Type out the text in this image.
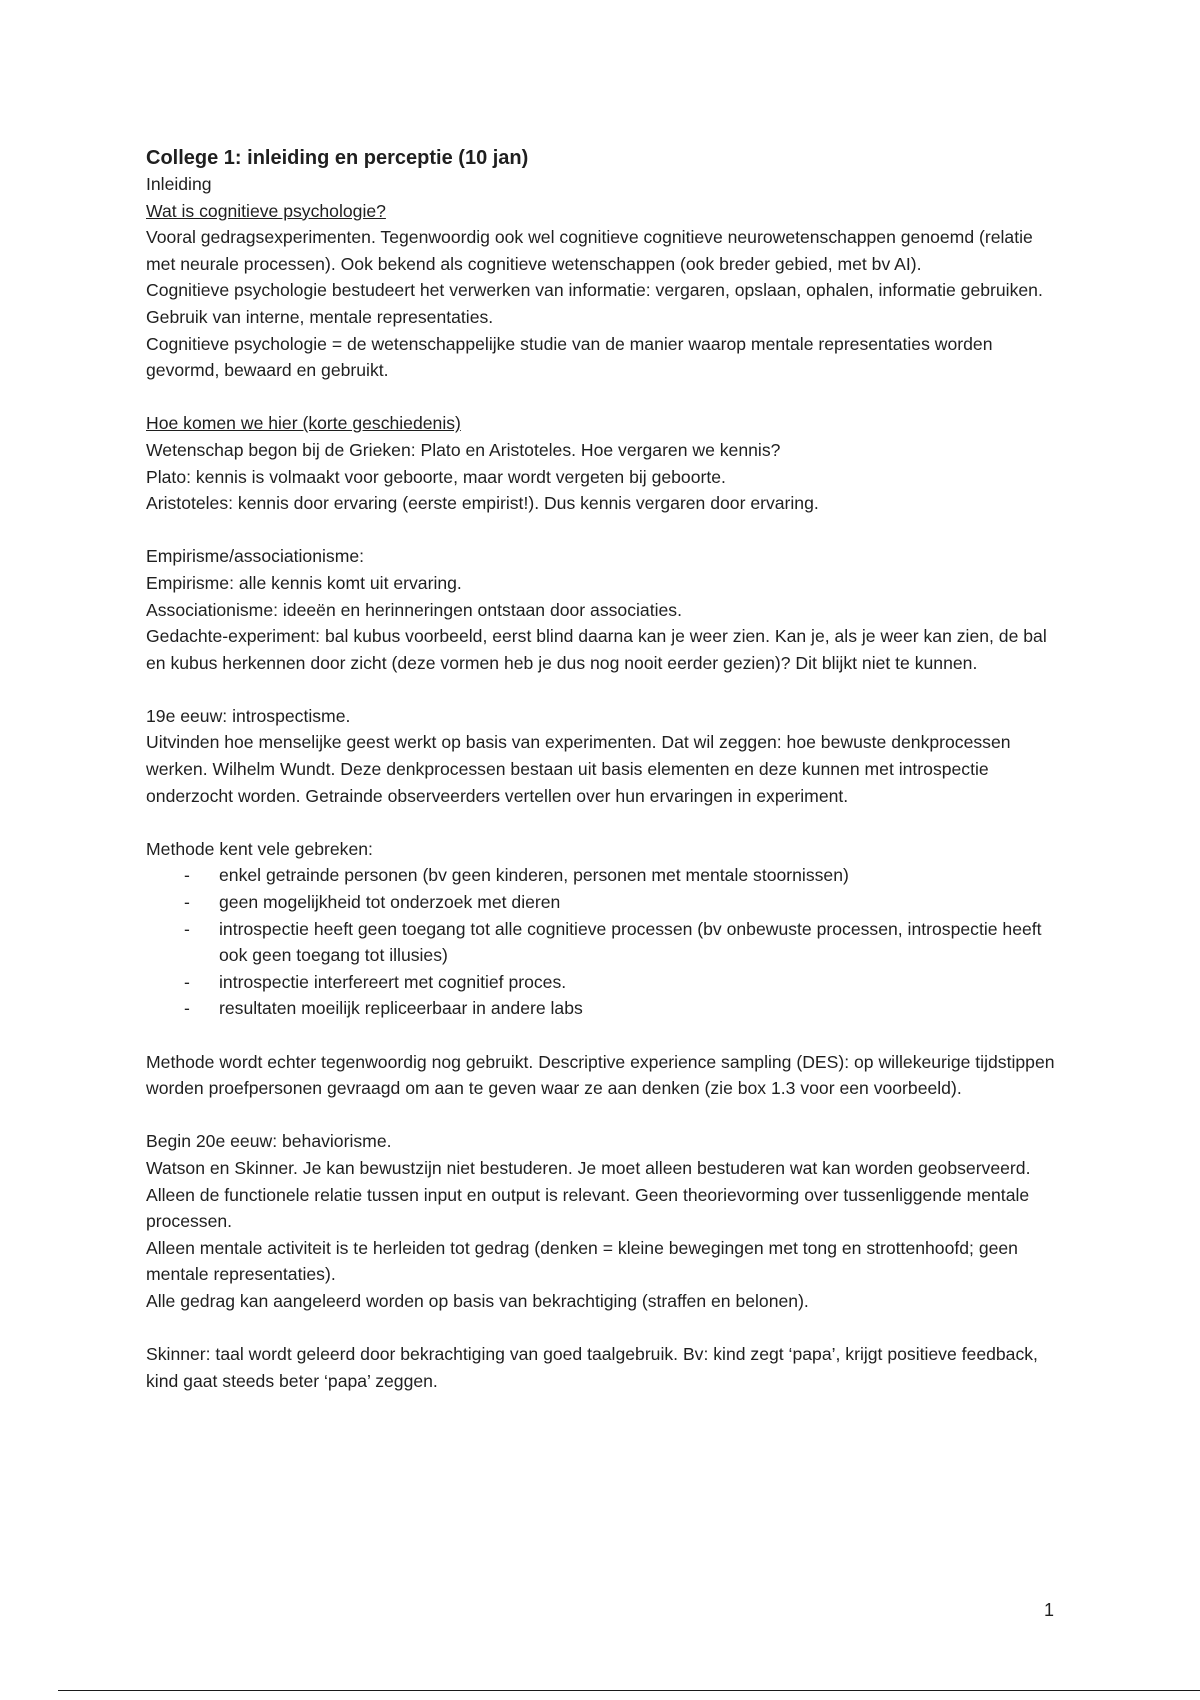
College 1: inleiding en perceptie (10 jan)

Inleiding

Wat is cognitieve psychologie?

Vooral gedragsexperimenten. Tegenwoordig ook wel cognitieve cognitieve neurowetenschappen genoemd (relatie met neurale processen). Ook bekend als cognitieve wetenschappen (ook breder gebied, met bv AI).

Cognitieve psychologie bestudeert het verwerken van informatie: vergaren, opslaan, ophalen, informatie gebruiken. Gebruik van interne, mentale representaties.

Cognitieve psychologie = de wetenschappelijke studie van de manier waarop mentale representaties worden gevormd, bewaard en gebruikt.

Hoe komen we hier (korte geschiedenis)

Wetenschap begon bij de Grieken: Plato en Aristoteles. Hoe vergaren we kennis?

Plato: kennis is volmaakt voor geboorte, maar wordt vergeten bij geboorte.

Aristoteles: kennis door ervaring (eerste empirist!). Dus kennis vergaren door ervaring.

Empirisme/associationisme:

Empirisme: alle kennis komt uit ervaring.

Associationisme: ideeën en herinneringen ontstaan door associaties.

Gedachte-experiment: bal kubus voorbeeld, eerst blind daarna kan je weer zien. Kan je, als je weer kan zien, de bal en kubus herkennen door zicht (deze vormen heb je dus nog nooit eerder gezien)? Dit blijkt niet te kunnen.

19e eeuw: introspectisme.

Uitvinden hoe menselijke geest werkt op basis van experimenten. Dat wil zeggen: hoe bewuste denkprocessen werken. Wilhelm Wundt. Deze denkprocessen bestaan uit basis elementen en deze kunnen met introspectie onderzocht worden. Getrainde observeerders vertellen over hun ervaringen in experiment.

Methode kent vele gebreken:

- enkel getrainde personen (bv geen kinderen, personen met mentale stoornissen)
- geen mogelijkheid tot onderzoek met dieren
- introspectie heeft geen toegang tot alle cognitieve processen (bv onbewuste processen, introspectie heeft ook geen toegang tot illusies)
- introspectie interfereert met cognitief proces.
- resultaten moeilijk repliceerbaar in andere labs

Methode wordt echter tegenwoordig nog gebruikt. Descriptive experience sampling (DES): op willekeurige tijdstippen worden proefpersonen gevraagd om aan te geven waar ze aan denken (zie box 1.3 voor een voorbeeld).

Begin 20e eeuw: behaviorisme.

Watson en Skinner. Je kan bewustzijn niet bestuderen. Je moet alleen bestuderen wat kan worden geobserveerd. Alleen de functionele relatie tussen input en output is relevant. Geen theorievorming over tussenliggende mentale processen.

Alleen mentale activiteit is te herleiden tot gedrag (denken = kleine bewegingen met tong en strottenhoofd; geen mentale representaties).

Alle gedrag kan aangeleerd worden op basis van bekrachtiging (straffen en belonen).

Skinner: taal wordt geleerd door bekrachtiging van goed taalgebruik. Bv: kind zegt ‘papa’, krijgt positieve feedback, kind gaat steeds beter ‘papa’ zeggen.

1
